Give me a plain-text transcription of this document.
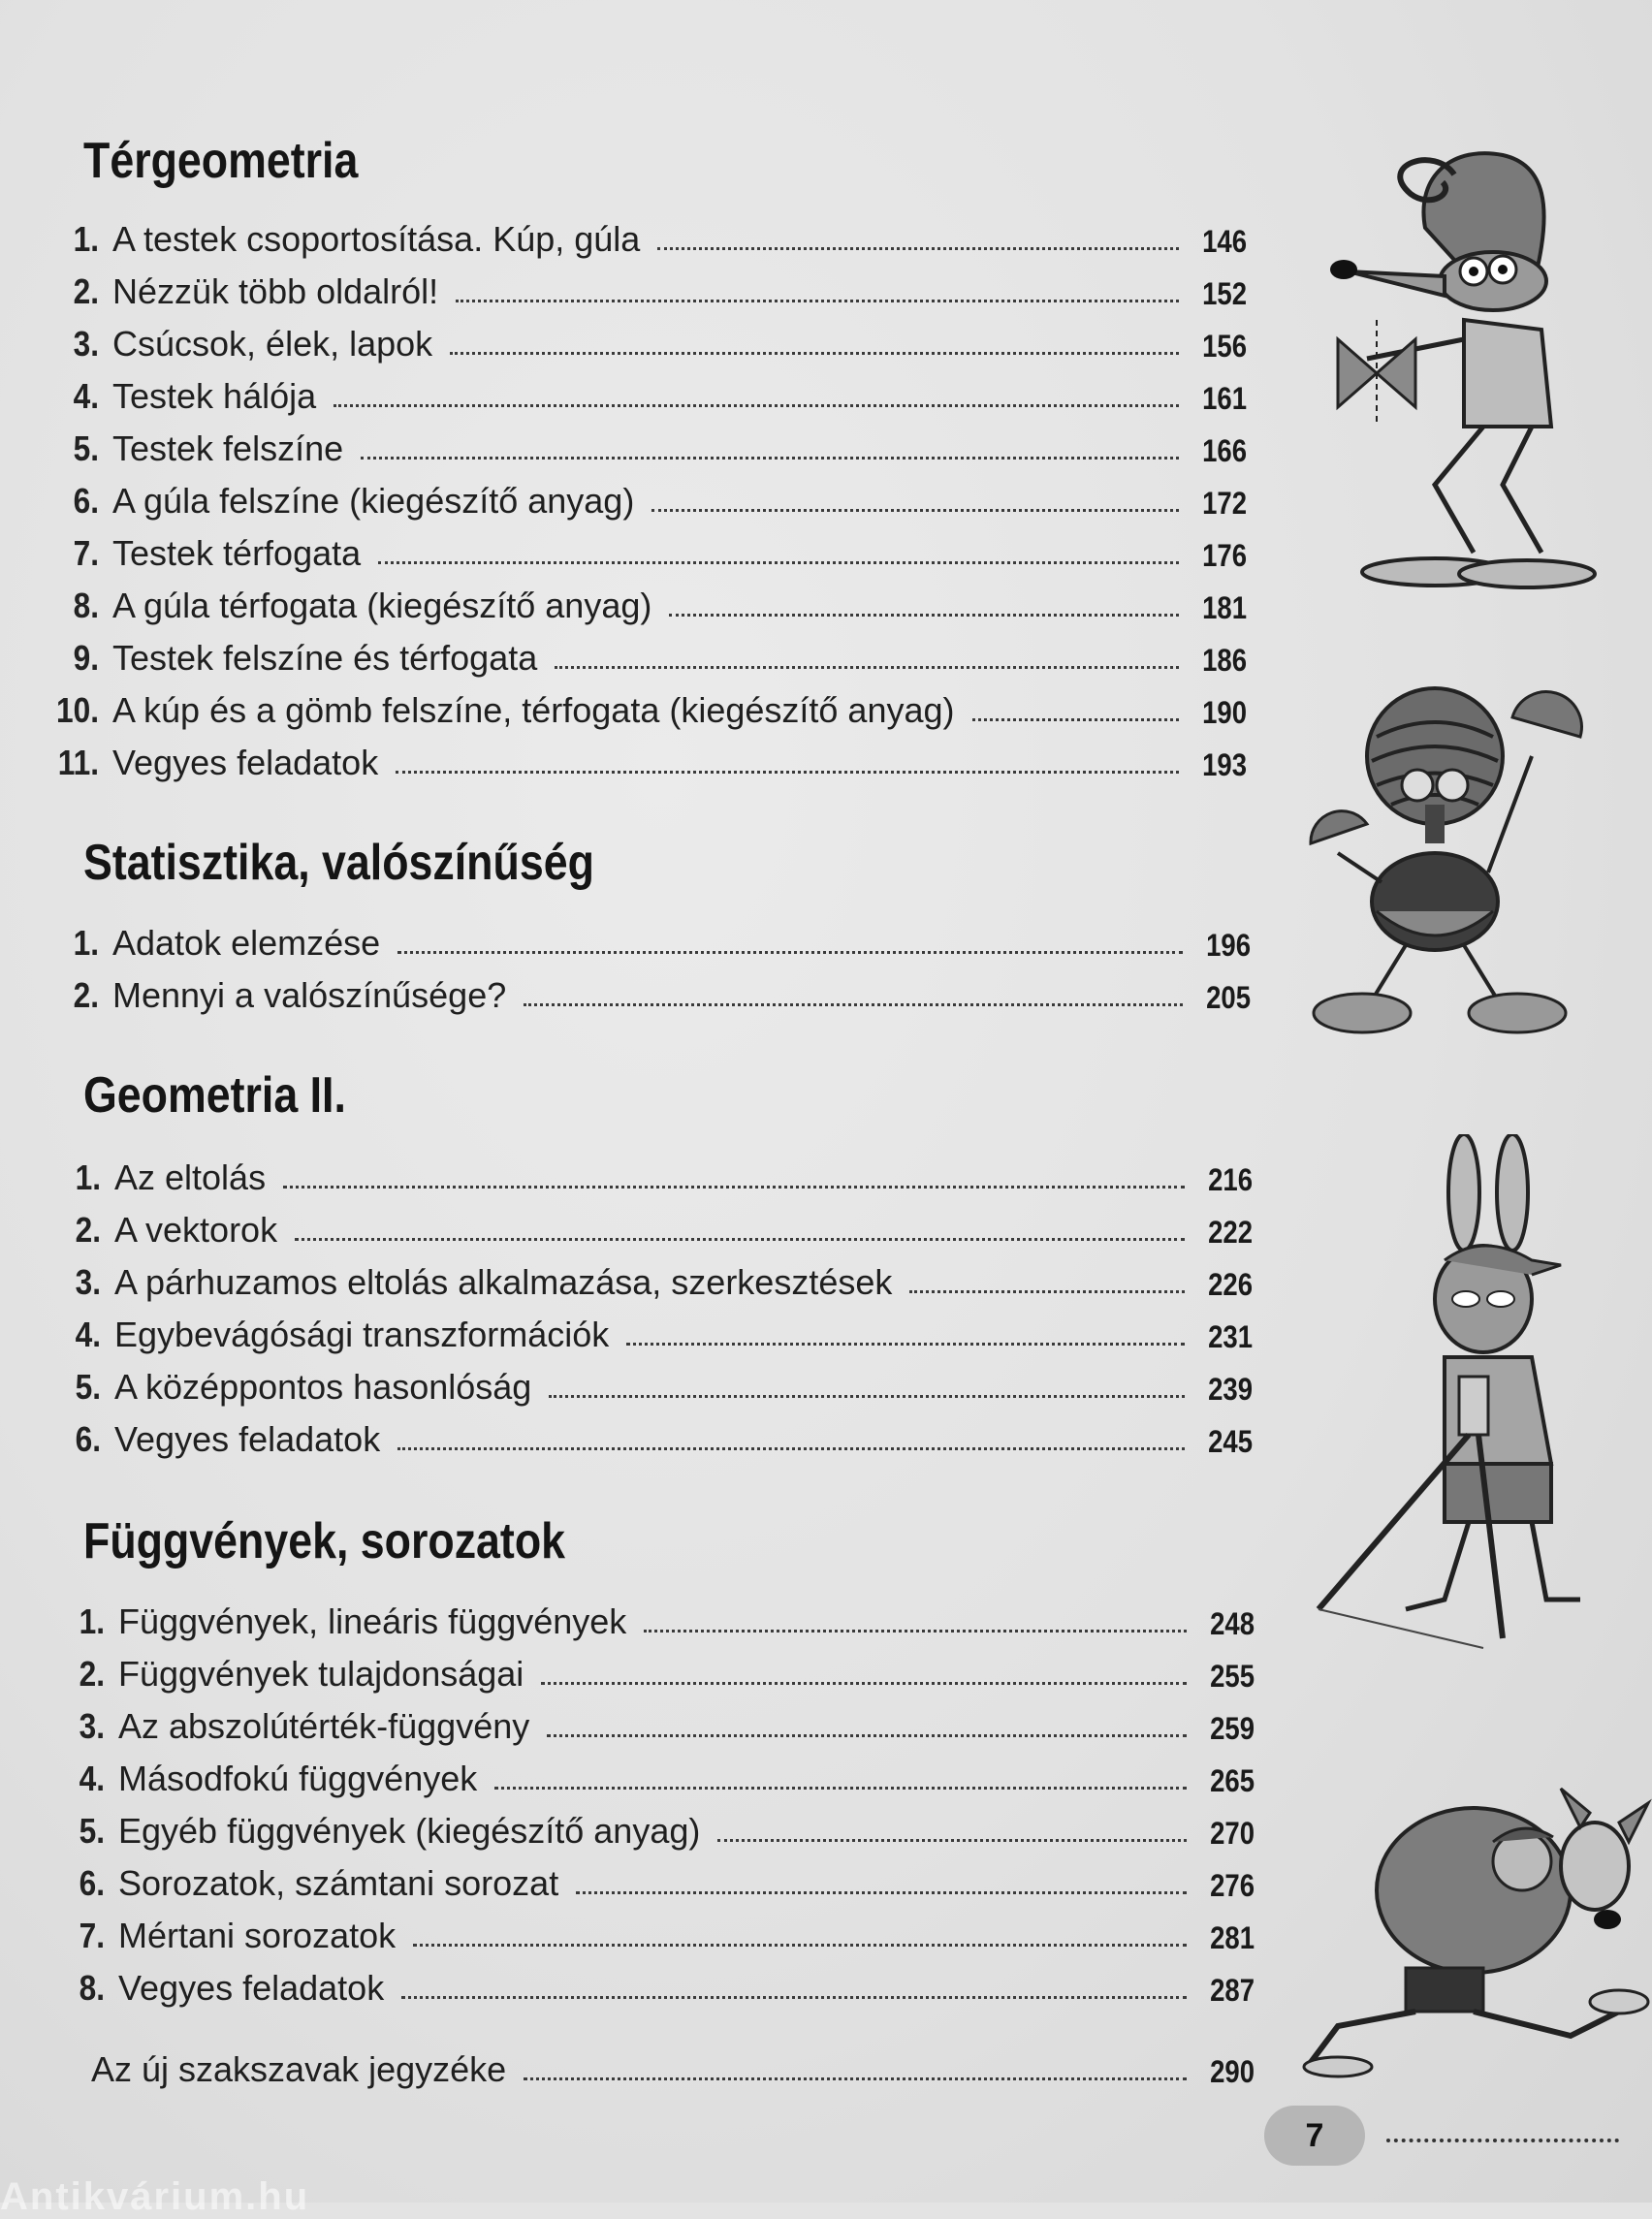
Térgeometria
Statisztika, valószínűség
Geometria II.
Függvények, sorozatok
1. A testek csoportosítása. Kúp, gúla	146
2. Nézzük több oldalról!	152
3. Csúcsok, élek, lapok	156
4. Testek hálója	161
5. Testek felszíne	166
6. A gúla felszíne (kiegészítő anyag)	172
7. Testek térfogata	176
8. A gúla térfogata (kiegészítő anyag)	181
9. Testek felszíne és térfogata	186
10. A kúp és a gömb felszíne, térfogata (kiegészítő anyag)	190
11. Vegyes feladatok	193
1. Adatok elemzése	196
2. Mennyi a valószínűsége?	205
1. Az eltolás	216
2. A vektorok	222
3. A párhuzamos eltolás alkalmazása, szerkesztések	226
4. Egybevágósági transzformációk	231
5. A középpontos hasonlóság	239
6. Vegyes feladatok	245
1. Függvények, lineáris függvények	248
2. Függvények tulajdonságai	255
3. Az abszolútérték-függvény	259
4. Másodfokú függvények	265
5. Egyéb függvények (kiegészítő anyag)	270
6. Sorozatok, számtani sorozat	276
7. Mértani sorozatok	281
8. Vegyes feladatok	287
Az új szakszavak jegyzéke	290
7
Antikvárium.hu
